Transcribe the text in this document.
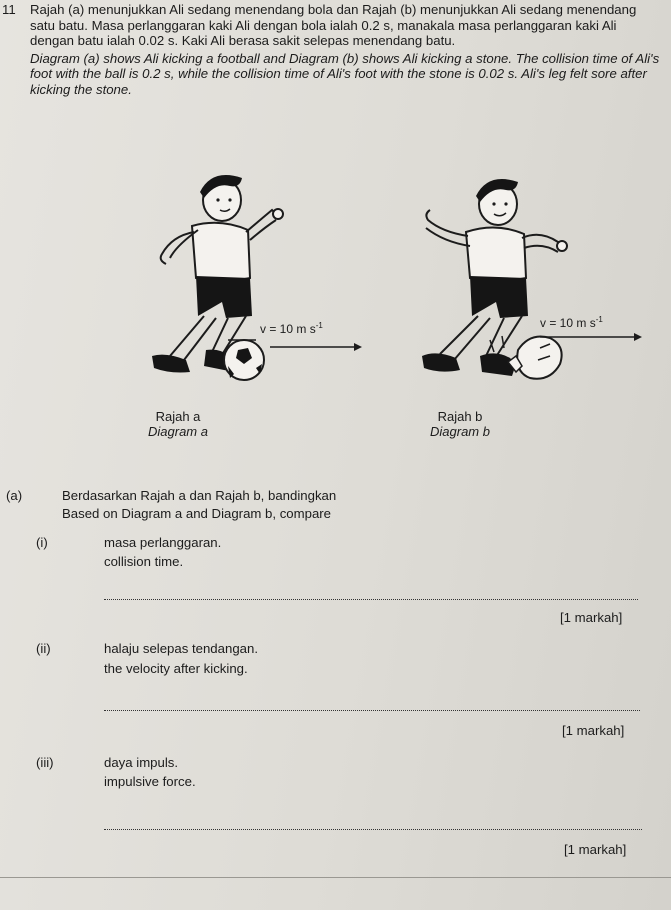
11 Rajah (a) menunjukkan Ali sedang menendang bola dan Rajah (b) menunjukkan Ali sedang menendang satu batu. Masa perlanggaran kaki Ali dengan bola ialah 0.2 s, manakala masa perlanggaran kaki Ali dengan batu ialah 0.02 s. Kaki Ali berasa sakit selepas menendang batu.

Diagram (a) shows Ali kicking a football and Diagram (b) shows Ali kicking a stone. The collision time of Ali's foot with the ball is 0.2 s, while the collision time of Ali's foot with the stone is 0.02 s. Ali's leg felt sore after kicking the stone.

v = 10 m $s^{-1}$	v = 10 m $s^{-1}$
Rajah a
Diagram a
Rajah b
Diagram b
(a)	Berdasarkan Rajah a dan Rajah b, bandingkan
Based on Diagram a and Diagram b, compare
(i)	masa perlanggaran.
collision time.
[1 markah]
(ii)	halaju selepas tendangan.
the velocity after kicking.
[1 markah]
(iii)	daya impuls.
impulsive force.
[1 markah]
